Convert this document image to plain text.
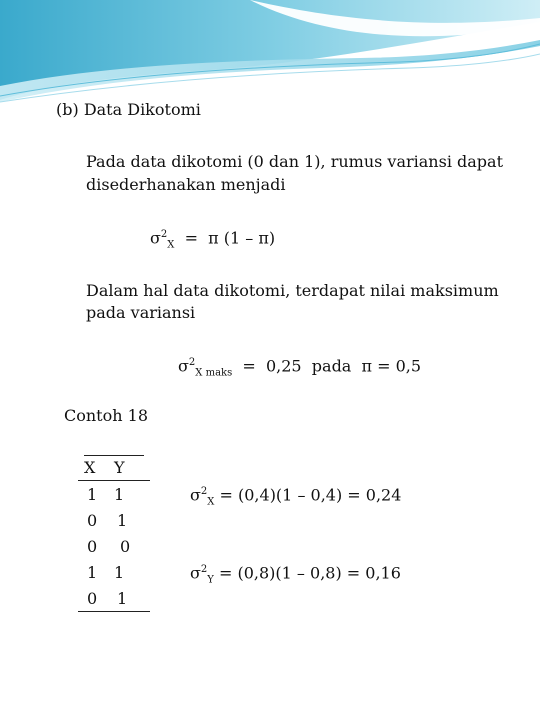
(b) Data Dikotomi
Pada data dikotomi (0 dan 1), rumus variansi dapat
disederhanakan menjadi
$\sigma^2_X = \pi$ (1 – π)
Dalam hal data dikotomi, terdapat nilai maksimum
pada variansi
$\sigma^2_{X maks} = 0,25$  pada  π = 0,5
Contoh 18
X Y
1 1
0 1
0 0
1 1
0 1
$\sigma^2_X = (0,4)(1 - 0,4) = 0,24$
$\sigma^2_Y = (0,8)(1 - 0,8) = 0,16$
